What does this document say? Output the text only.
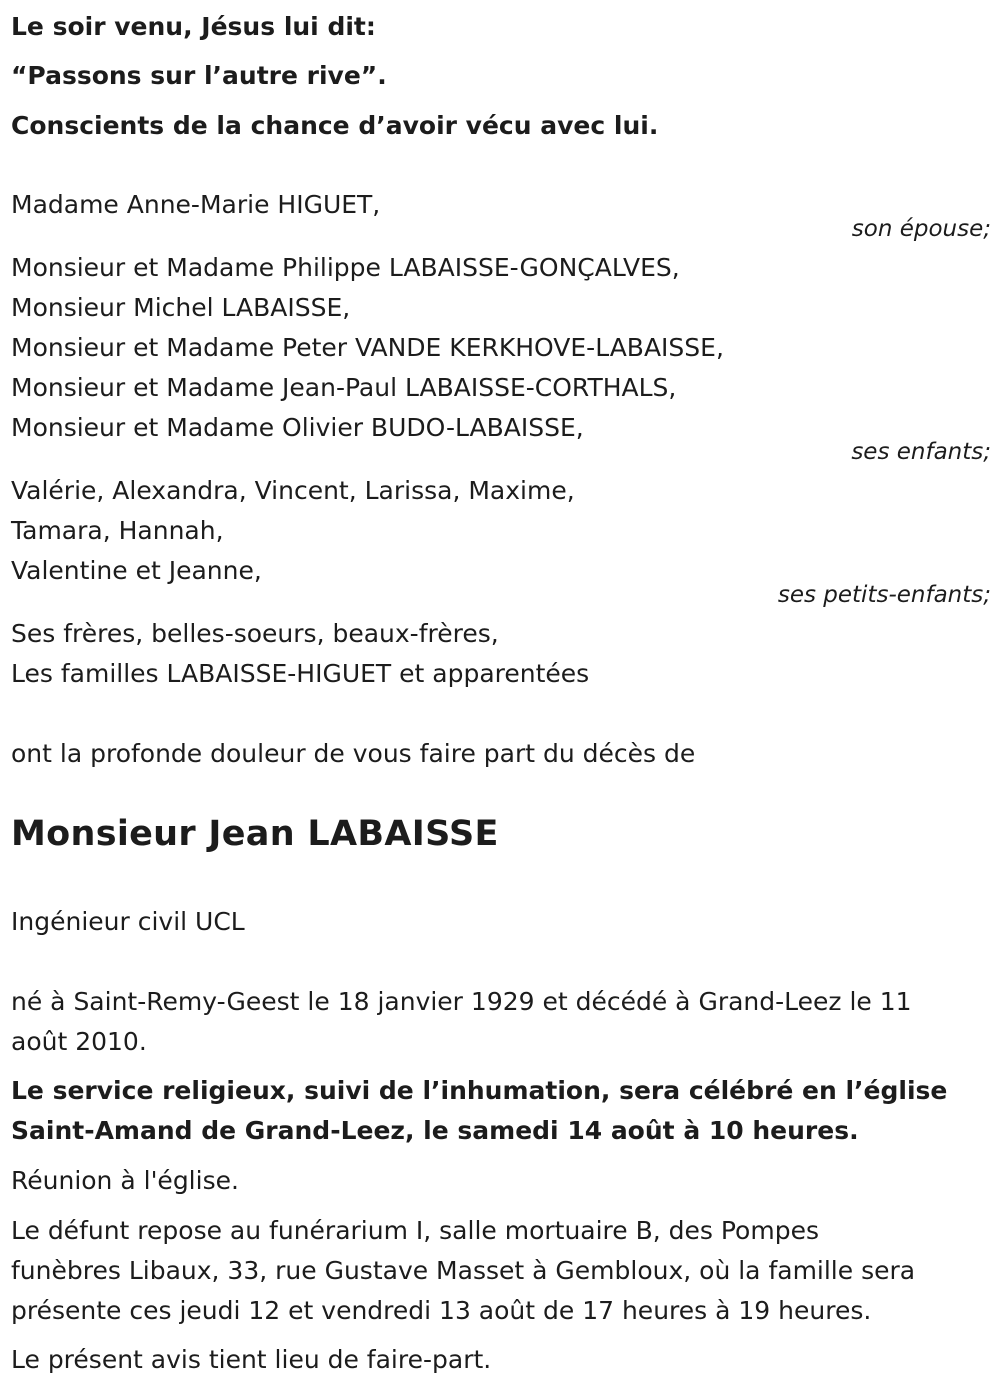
Le soir venu, Jésus lui dit:
“Passons sur l’autre rive”.
Conscients de la chance d’avoir vécu avec lui.
Madame Anne-Marie HIGUET,
son épouse;
Monsieur et Madame Philippe LABAISSE-GONÇALVES,
Monsieur Michel LABAISSE,
Monsieur et Madame Peter VANDE KERKHOVE-LABAISSE,
Monsieur et Madame Jean-Paul LABAISSE-CORTHALS,
Monsieur et Madame Olivier BUDO-LABAISSE,
ses enfants;
Valérie, Alexandra, Vincent, Larissa, Maxime,
Tamara, Hannah,
Valentine et Jeanne,
ses petits-enfants;
Ses frères, belles-soeurs, beaux-frères,
Les familles LABAISSE-HIGUET et apparentées
ont la profonde douleur de vous faire part du décès de
Monsieur Jean LABAISSE
Ingénieur civil UCL
né à Saint-Remy-Geest le 18 janvier 1929 et décédé à Grand-Leez le 11
août 2010.
Le service religieux, suivi de l’inhumation, sera célébré en l’église
Saint-Amand de Grand-Leez, le samedi 14 août à 10 heures.
Réunion à l'église.
Le défunt repose au funérarium I, salle mortuaire B, des Pompes
funèbres Libaux, 33, rue Gustave Masset à Gembloux, où la famille sera
présente ces jeudi 12 et vendredi 13 août de 17 heures à 19 heures.
Le présent avis tient lieu de faire-part.
